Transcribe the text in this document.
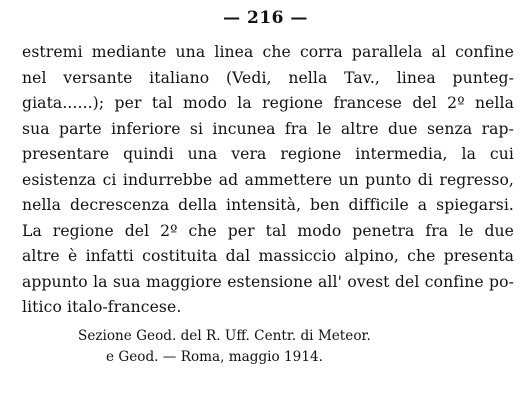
— 216 —
estremi mediante una linea che corra parallela al confine
nel versante italiano (Vedi, nella Tav., linea punteg-
giata......); per tal modo la regione francese del 2º nella
sua parte inferiore si incunea fra le altre due senza rap-
presentare quindi una vera regione intermedia, la cui
esistenza ci indurrebbe ad ammettere un punto di regresso,
nella decrescenza della intensità, ben difficile a spiegarsi.
La regione del 2º che per tal modo penetra fra le due
altre è infatti costituita dal massiccio alpino, che presenta
appunto la sua maggiore estensione all' ovest del confine po-
litico italo-francese.
Sezione Geod. del R. Uff. Centr. di Meteor.
e Geod. — Roma, maggio 1914.
